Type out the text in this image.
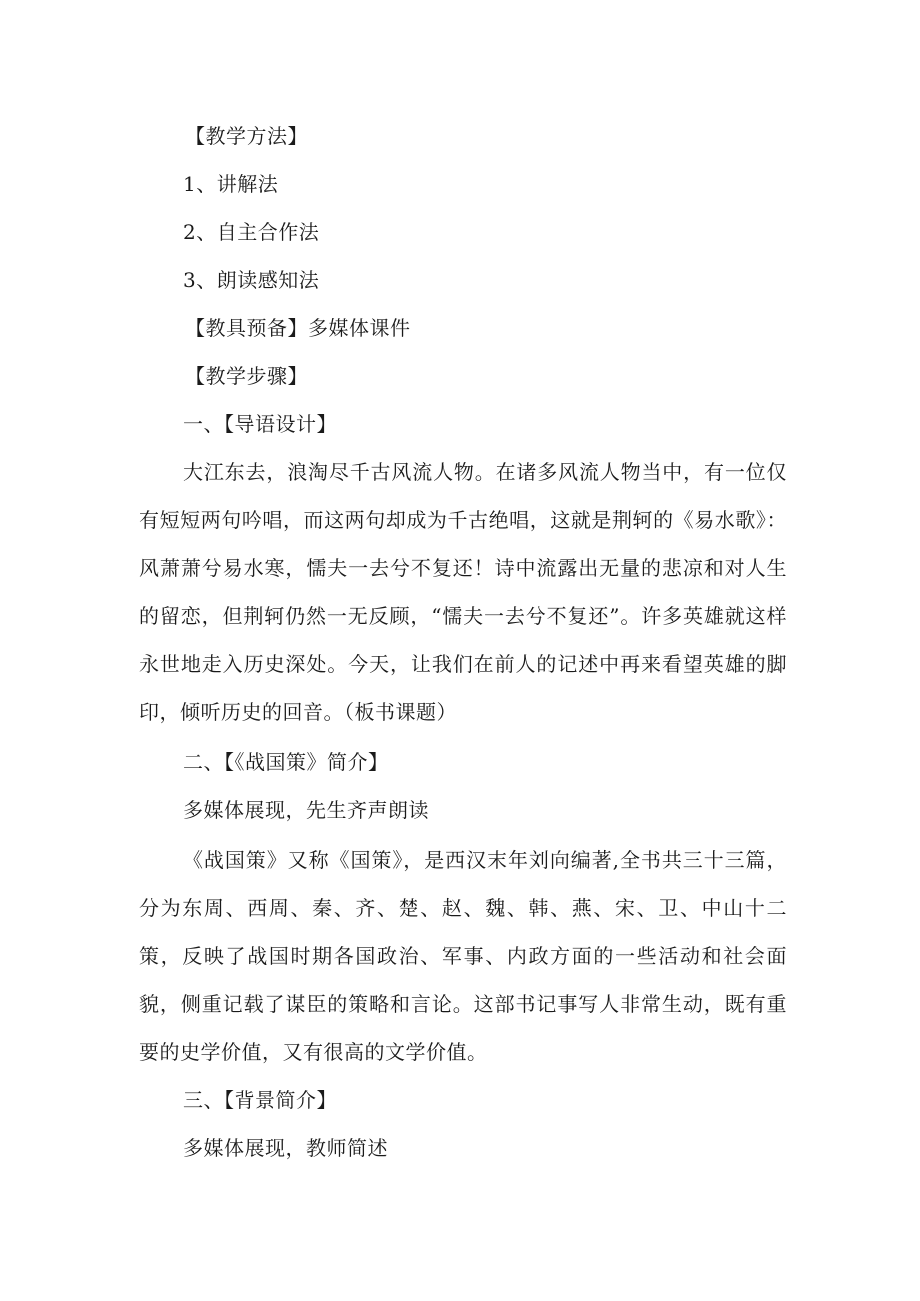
【教学方法】
1、讲解法
2、自主合作法
3、朗读感知法
【教具预备】多媒体课件
【教学步骤】
一、【导语设计】
大江东去，浪淘尽千古风流人物。在诸多风流人物当中，有一位仅有短短两句吟唱，而这两句却成为千古绝唱，这就是荆轲的《易水歌》：风萧萧兮易水寒，懦夫一去兮不复还！诗中流露出无量的悲凉和对人生的留恋，但荆轲仍然一无反顾，“懦夫一去兮不复还”。许多英雄就这样永世地走入历史深处。今天，让我们在前人的记述中再来看望英雄的脚印，倾听历史的回音。（板书课题）
二、【《战国策》简介】
多媒体展现，先生齐声朗读
《战国策》又称《国策》，是西汉末年刘向编著,全书共三十三篇，分为东周、西周、秦、齐、楚、赵、魏、韩、燕、宋、卫、中山十二策，反映了战国时期各国政治、军事、内政方面的一些活动和社会面貌，侧重记载了谋臣的策略和言论。这部书记事写人非常生动，既有重要的史学价值，又有很高的文学价值。
三、【背景简介】
多媒体展现，教师简述
